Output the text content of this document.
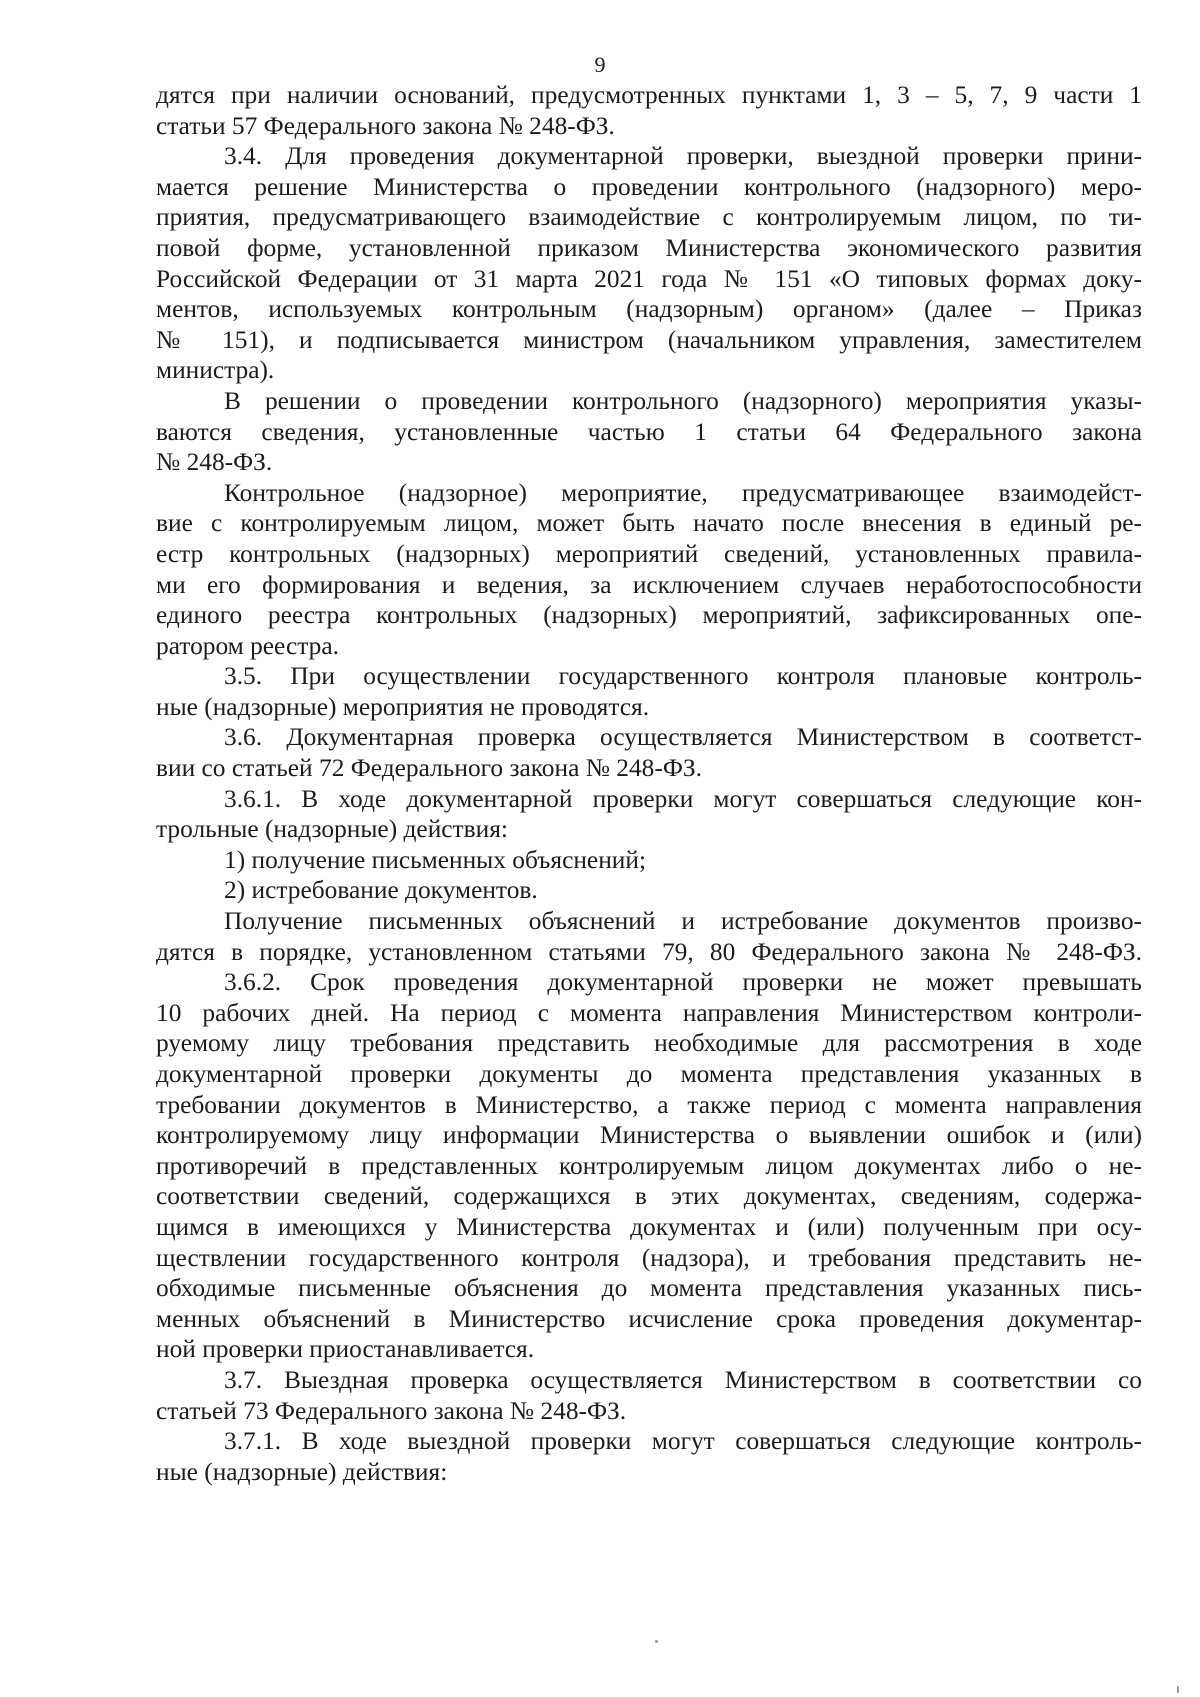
9
дятся при наличии оснований, предусмотренных пунктами 1, 3 – 5, 7, 9 части 1
статьи 57 Федерального закона № 248-ФЗ.
3.4. Для проведения документарной проверки, выездной проверки прини-
мается решение Министерства о проведении контрольного (надзорного) меро-
приятия, предусматривающего взаимодействие с контролируемым лицом, по ти-
повой форме, установленной приказом Министерства экономического развития
Российской Федерации от 31 марта 2021 года № 151 «О типовых формах доку-
ментов, используемых контрольным (надзорным) органом» (далее – Приказ
№ 151), и подписывается министром (начальником управления, заместителем
министра).
В решении о проведении контрольного (надзорного) мероприятия указы-
ваются сведения, установленные частью 1 статьи 64 Федерального закона
№ 248-ФЗ.
Контрольное (надзорное) мероприятие, предусматривающее взаимодейст-
вие с контролируемым лицом, может быть начато после внесения в единый ре-
естр контрольных (надзорных) мероприятий сведений, установленных правила-
ми его формирования и ведения, за исключением случаев неработоспособности
единого реестра контрольных (надзорных) мероприятий, зафиксированных опе-
ратором реестра.
3.5. При осуществлении государственного контроля плановые контроль-
ные (надзорные) мероприятия не проводятся.
3.6. Документарная проверка осуществляется Министерством в соответст-
вии со статьей 72 Федерального закона № 248-ФЗ.
3.6.1. В ходе документарной проверки могут совершаться следующие кон-
трольные (надзорные) действия:
1) получение письменных объяснений;
2) истребование документов.
Получение письменных объяснений и истребование документов произво-
дятся в порядке, установленном статьями 79, 80 Федерального закона № 248-ФЗ.
3.6.2. Срок проведения документарной проверки не может превышать
10 рабочих дней. На период с момента направления Министерством контроли-
руемому лицу требования представить необходимые для рассмотрения в ходе
документарной проверки документы до момента представления указанных в
требовании документов в Министерство, а также период с момента направления
контролируемому лицу информации Министерства о выявлении ошибок и (или)
противоречий в представленных контролируемым лицом документах либо о не-
соответствии сведений, содержащихся в этих документах, сведениям, содержа-
щимся в имеющихся у Министерства документах и (или) полученным при осу-
ществлении государственного контроля (надзора), и требования представить не-
обходимые письменные объяснения до момента представления указанных пись-
менных объяснений в Министерство исчисление срока проведения документар-
ной проверки приостанавливается.
3.7. Выездная проверка осуществляется Министерством в соответствии со
статьей 73 Федерального закона № 248-ФЗ.
3.7.1. В ходе выездной проверки могут совершаться следующие контроль-
ные (надзорные) действия:
